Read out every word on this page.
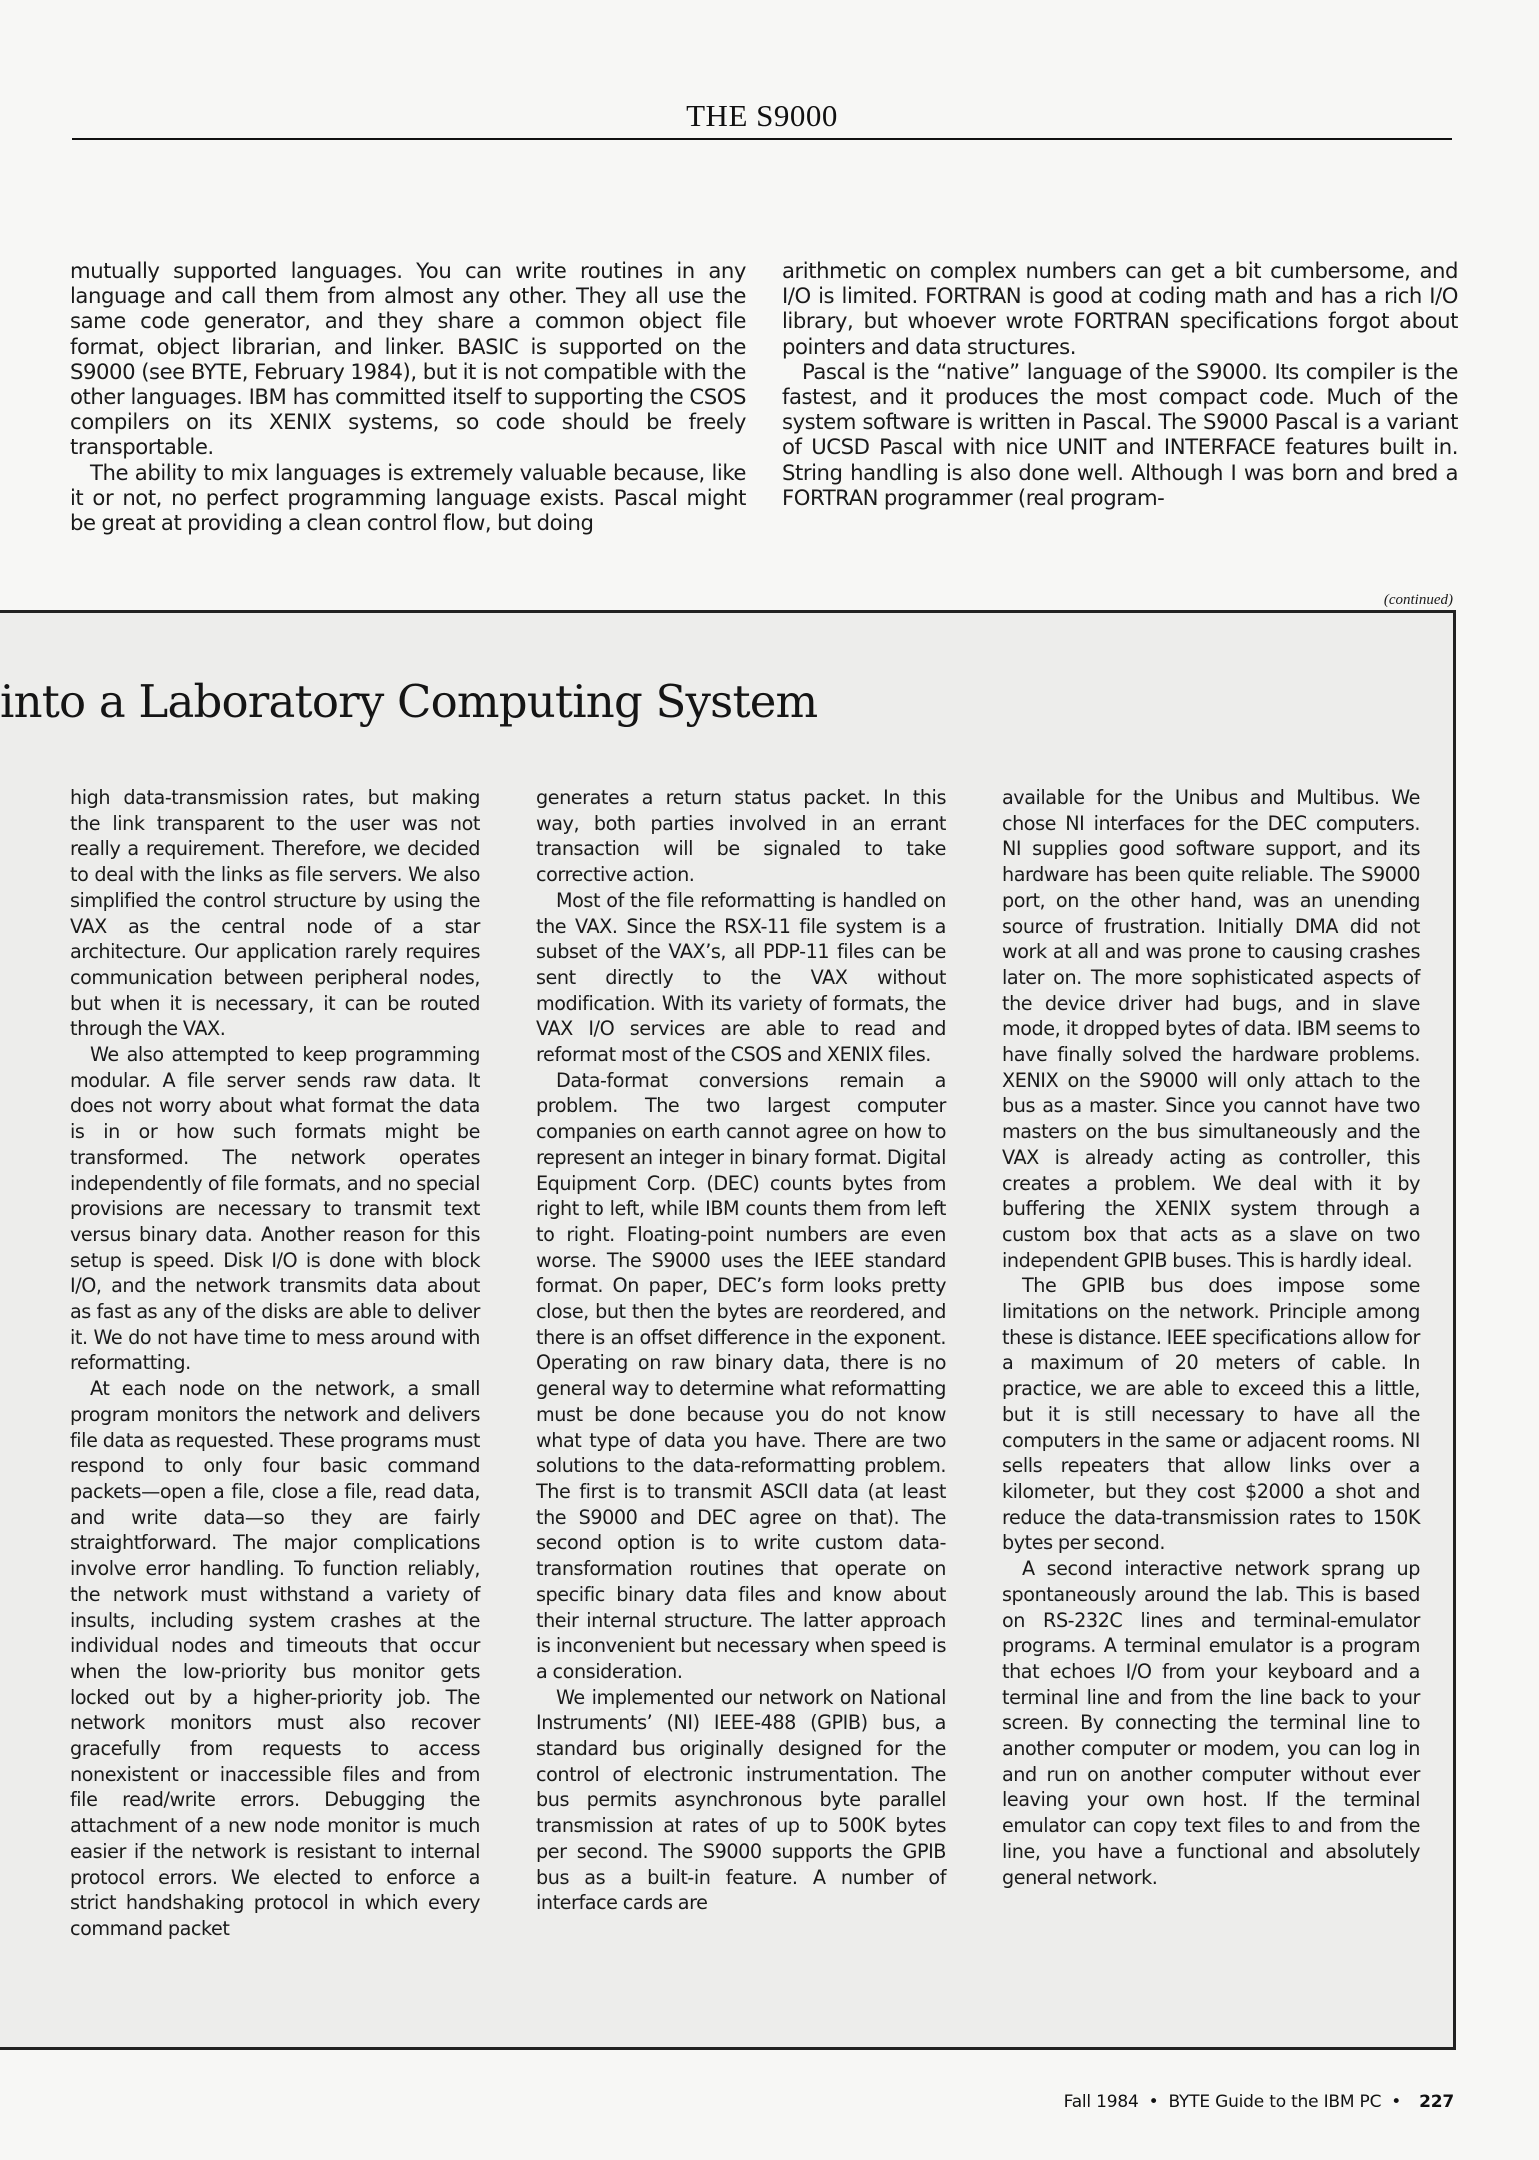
THE S9000

mutually supported languages. You can write routines in any language and call them from almost any other. They all use the same code generator, and they share a common object file format, object librarian, and linker. BASIC is supported on the S9000 (see BYTE, February 1984), but it is not compatible with the other languages. IBM has committed itself to supporting the CSOS compilers on its XENIX systems, so code should be freely transportable.

The ability to mix languages is extremely valuable because, like it or not, no perfect programming language exists. Pascal might be great at providing a clean control flow, but doing

arithmetic on complex numbers can get a bit cumbersome, and I/O is limited. FORTRAN is good at coding math and has a rich I/O library, but whoever wrote FORTRAN specifications forgot about pointers and data structures.

Pascal is the “native” language of the S9000. Its compiler is the fastest, and it produces the most compact code. Much of the system software is written in Pascal. The S9000 Pascal is a variant of UCSD Pascal with nice UNIT and INTERFACE features built in. String handling is also done well. Although I was born and bred a FORTRAN programmer (real program-

(continued)
into a Laboratory Computing System

high data-transmission rates, but making the link transparent to the user was not really a requirement. Therefore, we decided to deal with the links as file servers. We also simplified the control structure by using the VAX as the central node of a star architecture. Our application rarely requires communication between peripheral nodes, but when it is necessary, it can be routed through the VAX.

We also attempted to keep programming modular. A file server sends raw data. It does not worry about what format the data is in or how such formats might be transformed. The network operates independently of file formats, and no special provisions are necessary to transmit text versus binary data. Another reason for this setup is speed. Disk I/O is done with block I/O, and the network transmits data about as fast as any of the disks are able to deliver it. We do not have time to mess around with reformatting.

At each node on the network, a small program monitors the network and delivers file data as requested. These programs must respond to only four basic command packets—open a file, close a file, read data, and write data—so they are fairly straightforward. The major complications involve error handling. To function reliably, the network must withstand a variety of insults, including system crashes at the individual nodes and timeouts that occur when the low-priority bus monitor gets locked out by a higher-priority job. The network monitors must also recover gracefully from requests to access nonexistent or inaccessible files and from file read/write errors. Debugging the attachment of a new node monitor is much easier if the network is resistant to internal protocol errors. We elected to enforce a strict handshaking protocol in which every command packet

generates a return status packet. In this way, both parties involved in an errant transaction will be signaled to take corrective action.

Most of the file reformatting is handled on the VAX. Since the RSX-11 file system is a subset of the VAX’s, all PDP-11 files can be sent directly to the VAX without modification. With its variety of formats, the VAX I/O services are able to read and reformat most of the CSOS and XENIX files.

Data-format conversions remain a problem. The two largest computer companies on earth cannot agree on how to represent an integer in binary format. Digital Equipment Corp. (DEC) counts bytes from right to left, while IBM counts them from left to right. Floating-point numbers are even worse. The S9000 uses the IEEE standard format. On paper, DEC’s form looks pretty close, but then the bytes are reordered, and there is an offset difference in the exponent. Operating on raw binary data, there is no general way to determine what reformatting must be done because you do not know what type of data you have. There are two solutions to the data-reformatting problem. The first is to transmit ASCII data (at least the S9000 and DEC agree on that). The second option is to write custom data-transformation routines that operate on specific binary data files and know about their internal structure. The latter approach is inconvenient but necessary when speed is a consideration.

We implemented our network on National Instruments’ (NI) IEEE-488 (GPIB) bus, a standard bus originally designed for the control of electronic instrumentation. The bus permits asynchronous byte parallel transmission at rates of up to 500K bytes per second. The S9000 supports the GPIB bus as a built-in feature. A number of interface cards are

available for the Unibus and Multibus. We chose NI interfaces for the DEC computers. NI supplies good software support, and its hardware has been quite reliable. The S9000 port, on the other hand, was an unending source of frustration. Initially DMA did not work at all and was prone to causing crashes later on. The more sophisticated aspects of the device driver had bugs, and in slave mode, it dropped bytes of data. IBM seems to have finally solved the hardware problems. XENIX on the S9000 will only attach to the bus as a master. Since you cannot have two masters on the bus simultaneously and the VAX is already acting as controller, this creates a problem. We deal with it by buffering the XENIX system through a custom box that acts as a slave on two independent GPIB buses. This is hardly ideal.

The GPIB bus does impose some limitations on the network. Principle among these is distance. IEEE specifications allow for a maximum of 20 meters of cable. In practice, we are able to exceed this a little, but it is still necessary to have all the computers in the same or adjacent rooms. NI sells repeaters that allow links over a kilometer, but they cost $2000 a shot and reduce the data-transmission rates to 150K bytes per second.

A second interactive network sprang up spontaneously around the lab. This is based on RS-232C lines and terminal-emulator programs. A terminal emulator is a program that echoes I/O from your keyboard and a terminal line and from the line back to your screen. By connecting the terminal line to another computer or modem, you can log in and run on another computer without ever leaving your own host. If the terminal emulator can copy text files to and from the line, you have a functional and absolutely general network.

Fall 1984 • BYTE Guide to the IBM PC • 227
